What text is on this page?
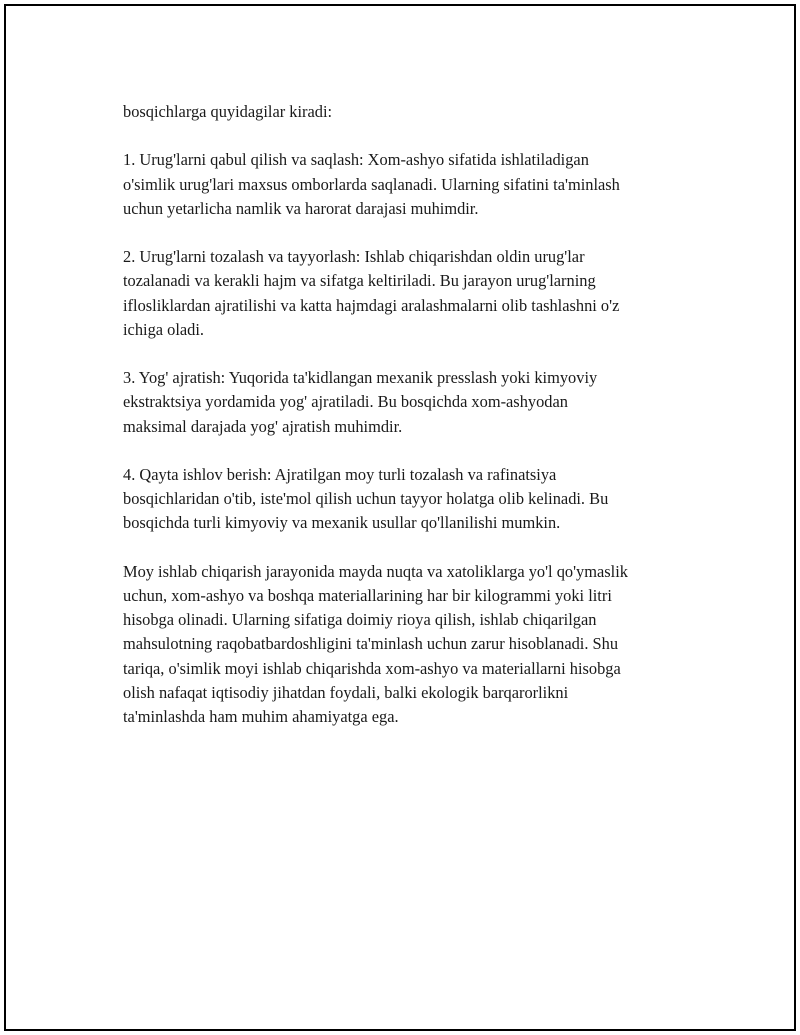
bosqichlarga quyidagilar kiradi:

1. Urug'larni qabul qilish va saqlash: Xom-ashyo sifatida ishlatiladigan
o'simlik urug'lari maxsus omborlarda saqlanadi. Ularning sifatini ta'minlash
uchun yetarlicha namlik va harorat darajasi muhimdir.

2. Urug'larni tozalash va tayyorlash: Ishlab chiqarishdan oldin urug'lar
tozalanadi va kerakli hajm va sifatga keltiriladi. Bu jarayon urug'larning
ifloslikl​ardan ajratilishi va katta hajmdagi aralashmalarni olib tashlashni o'z
ichiga oladi.

3. Yog' ajratish: Yuqorida ta'kidlangan mexanik presslash yoki kimyoviy
ekstraktsiya yordamida yog' ajratiladi. Bu bosqichda xom-ashyodan
maksimal darajada yog' ajratish muhimdir.

4. Qayta ishlov berish: Ajratilgan moy turli tozalash va rafinatsiya
bosqichlaridan o'tib, iste'mol qilish uchun tayyor holatga olib kelinadi. Bu
bosqichda turli kimyoviy va mexanik usullar qo'llanilishi mumkin.

Moy ishlab chiqarish jarayonida mayda nuqta va xatoliklarga yo'l qo'ymaslik
uchun, xom-ashyo va boshqa materiallarining har bir kilogrammi yoki litri
hisobga olinadi. Ularning sifatiga doimiy rioya qilish, ishlab chiqarilgan
mahsulotning raqobatbardoshligini ta'minlash uchun zarur hisoblanadi. Shu
tariqa, o'simlik moyi ishlab chiqarishda xom-ashyo va materiallarni hisobga
olish nafaqat iqtisodiy jihatdan foydali, balki ekologik barqarorlikni
ta'minlashda ham muhim ahamiyatga ega.
